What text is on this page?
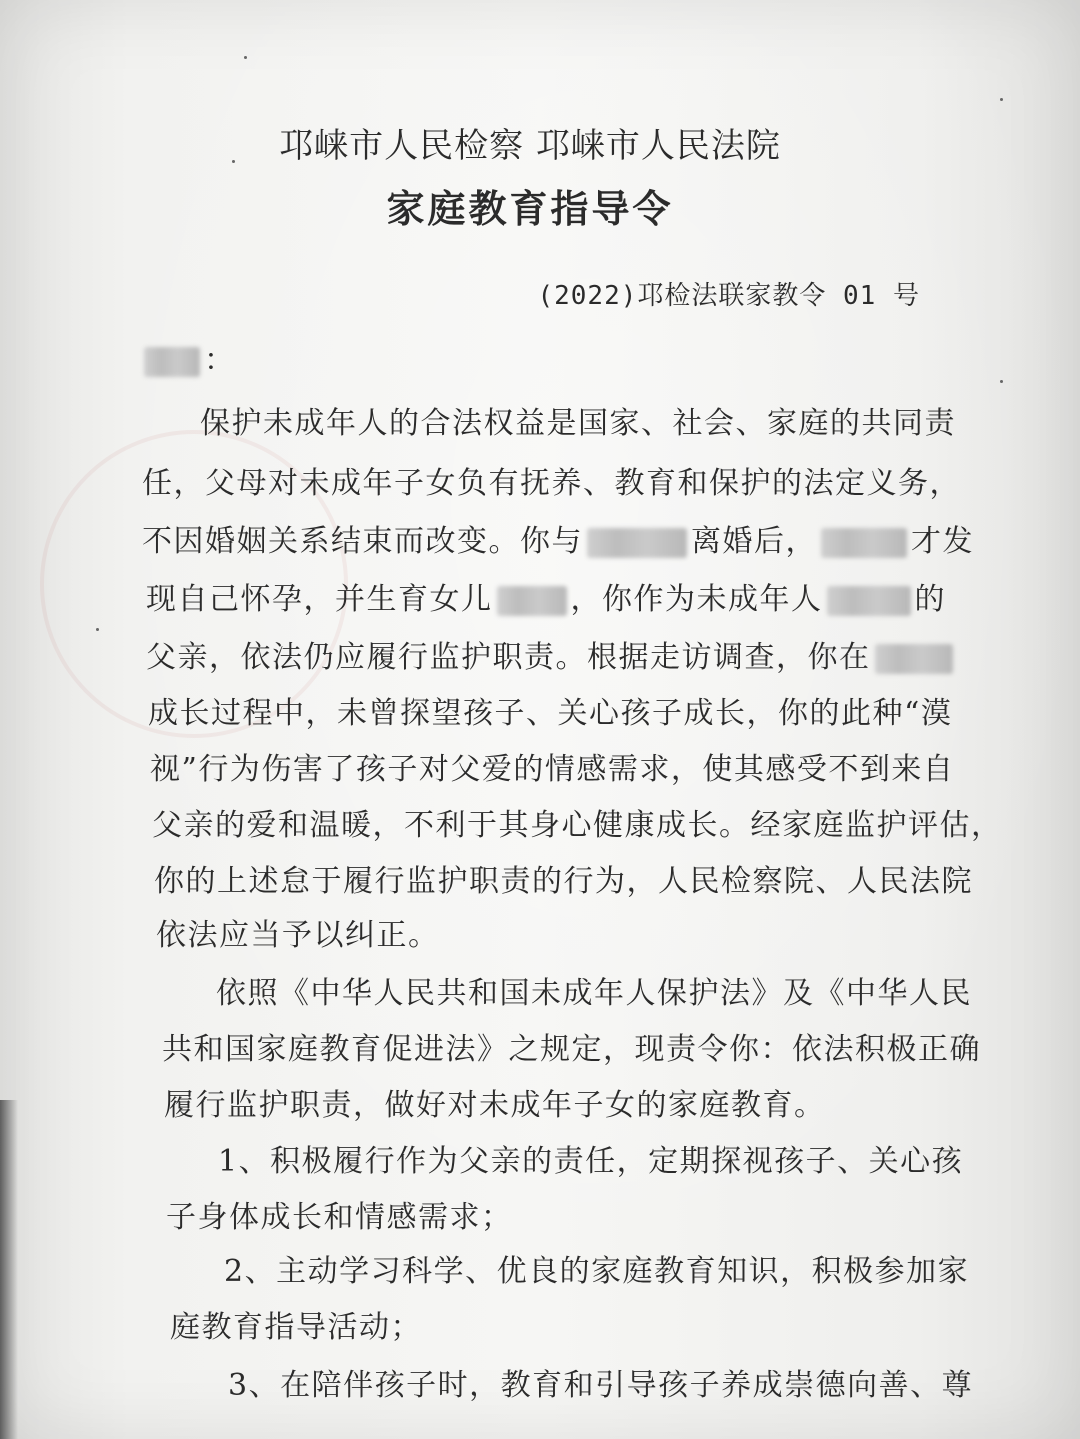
邛崃市人民检察 邛崃市人民法院
家庭教育指导令
(2022)邛检法联家教令 01 号
：
保护未成年人的合法权益是国家、社会、家庭的共同责
任，父母对未成年子女负有抚养、教育和保护的法定义务，
不因婚姻关系结束而改变。你与	离婚后，	才发
现自己怀孕，并生育女儿	，你作为未成年人	的
父亲，依法仍应履行监护职责。根据走访调查，你在
成长过程中，未曾探望孩子、关心孩子成长，你的此种“漠
视”行为伤害了孩子对父爱的情感需求，使其感受不到来自
父亲的爱和温暖，不利于其身心健康成长。经家庭监护评估，
你的上述怠于履行监护职责的行为，人民检察院、人民法院
依法应当予以纠正。
依照《中华人民共和国未成年人保护法》及《中华人民
共和国家庭教育促进法》之规定，现责令你：依法积极正确
履行监护职责，做好对未成年子女的家庭教育。
1、积极履行作为父亲的责任，定期探视孩子、关心孩
子身体成长和情感需求；
2、主动学习科学、优良的家庭教育知识，积极参加家
庭教育指导活动；
3、在陪伴孩子时，教育和引导孩子养成崇德向善、尊
